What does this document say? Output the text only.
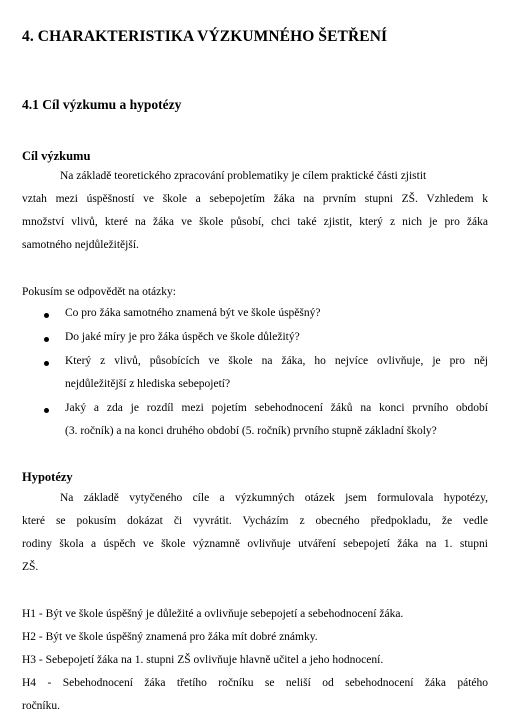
4. CHARAKTERISTIKA VÝZKUMNÉHO ŠETŘENÍ
4.1 Cíl výzkumu a hypotézy
Cíl výzkumu
Na základě teoretického zpracování problematiky je cílem praktické části zjistit
vztah mezi úspěšností ve škole a sebepojetím žáka na prvním stupni ZŠ. Vzhledem k
množství vlivů, které na žáka ve škole působí, chci také zjistit, který z nich je pro žáka
samotného nejdůležitější.
Pokusím se odpovědět na otázky:
Co pro žáka samotného znamená být ve škole úspěšný?
Do jaké míry je pro žáka úspěch ve škole důležitý?
Který z vlivů, působících ve škole na žáka, ho nejvíce ovlivňuje, je pro něj
nejdůležitější z hlediska sebepojetí?
Jaký a zda je rozdíl mezi pojetím sebehodnocení žáků na konci prvního období
(3. ročník) a na konci druhého období (5. ročník) prvního stupně základní školy?
Hypotézy
Na základě vytyčeného cíle a výzkumných otázek jsem formulovala hypotézy,
které se pokusím dokázat či vyvrátit. Vycházím z obecného předpokladu, že vedle
rodiny škola a úspěch ve škole významně ovlivňuje utváření sebepojetí žáka na 1. stupni
ZŠ.
H1 - Být ve škole úspěšný je důležité a ovlivňuje sebepojetí a sebehodnocení žáka.
H2 - Být ve škole úspěšný znamená pro žáka mít dobré známky.
H3 - Sebepojetí žáka na 1. stupni ZŠ ovlivňuje hlavně učitel a jeho hodnocení.
H4 - Sebehodnocení žáka třetího ročníku se neliší od sebehodnocení žáka pátého
ročníku.
